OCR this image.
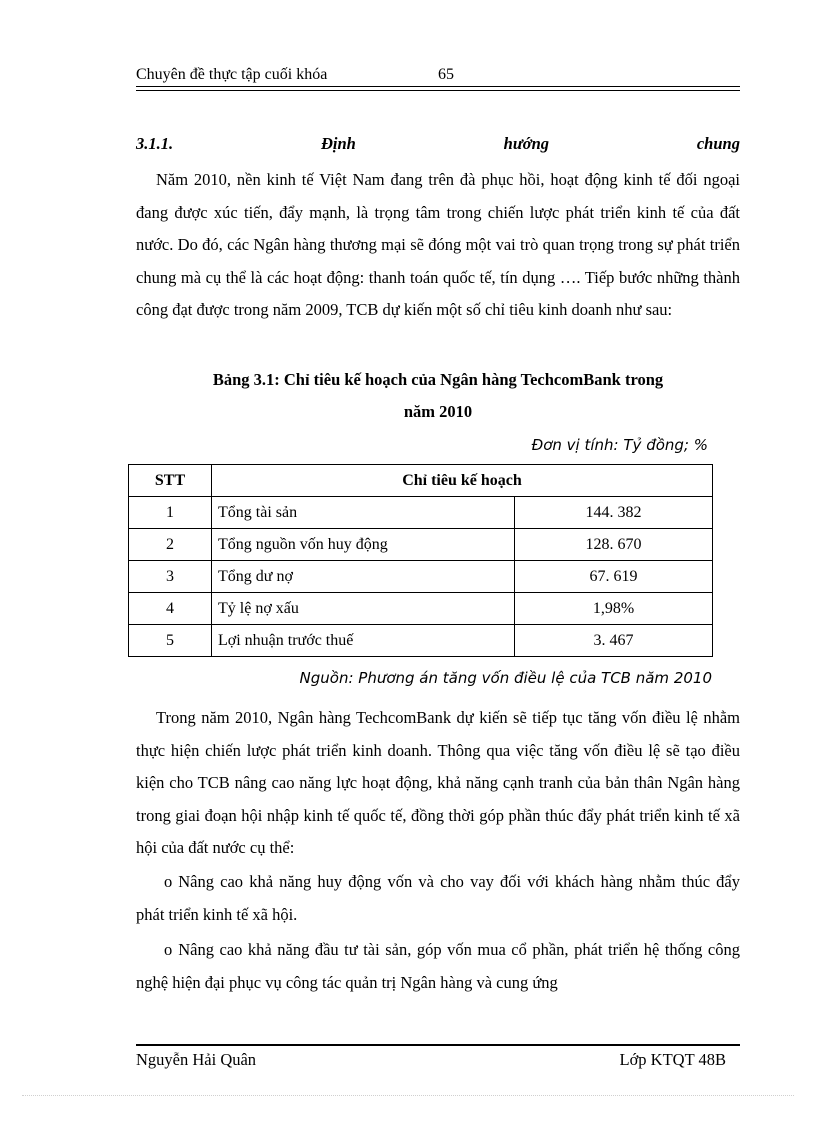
Chuyên đề thực tập cuối khóa	65
3.1.1.	Định	hướng	chung

Năm 2010, nền kinh tế Việt Nam đang trên đà phục hồi, hoạt động kinh tế đối ngoại đang được xúc tiến, đẩy mạnh, là trọng tâm trong chiến lược phát triển kinh tế của đất nước. Do đó, các Ngân hàng thương mại sẽ đóng một vai trò quan trọng trong sự phát triển chung mà cụ thể là các hoạt động: thanh toán quốc tế, tín dụng …. Tiếp bước những thành công đạt được trong năm 2009, TCB dự kiến một số chỉ tiêu kinh doanh như sau:

Bảng 3.1: Chỉ tiêu kế hoạch của Ngân hàng TechcomBank trong

năm 2010

Đơn vị tính: Tỷ đồng; %
STT	Chỉ tiêu kế hoạch	
1	Tổng tài sản	144. 382
2	Tổng nguồn vốn huy động	128. 670
3	Tổng dư nợ	67. 619
4	Tỷ lệ nợ xấu	1,98%
5	Lợi nhuận trước thuế	3. 467
Nguồn: Phương án tăng vốn điều lệ của TCB năm 2010

Trong năm 2010, Ngân hàng TechcomBank dự kiến sẽ tiếp tục tăng vốn điều lệ nhằm thực hiện chiến lược phát triển kinh doanh. Thông qua việc tăng vốn điều lệ sẽ tạo điều kiện cho TCB nâng cao năng lực hoạt động, khả năng cạnh tranh của bản thân Ngân hàng trong giai đoạn hội nhập kinh tế quốc tế, đồng thời góp phần thúc đẩy phát triển kinh tế xã hội của đất nước cụ thể:

o Nâng cao khả năng huy động vốn và cho vay đối với khách hàng nhằm thúc đẩy phát triển kinh tế xã hội.

o Nâng cao khả năng đầu tư tài sản, góp vốn mua cổ phần, phát triển hệ thống công nghệ hiện đại phục vụ công tác quản trị Ngân hàng và cung ứng

Nguyễn Hải Quân	Lớp KTQT 48B
